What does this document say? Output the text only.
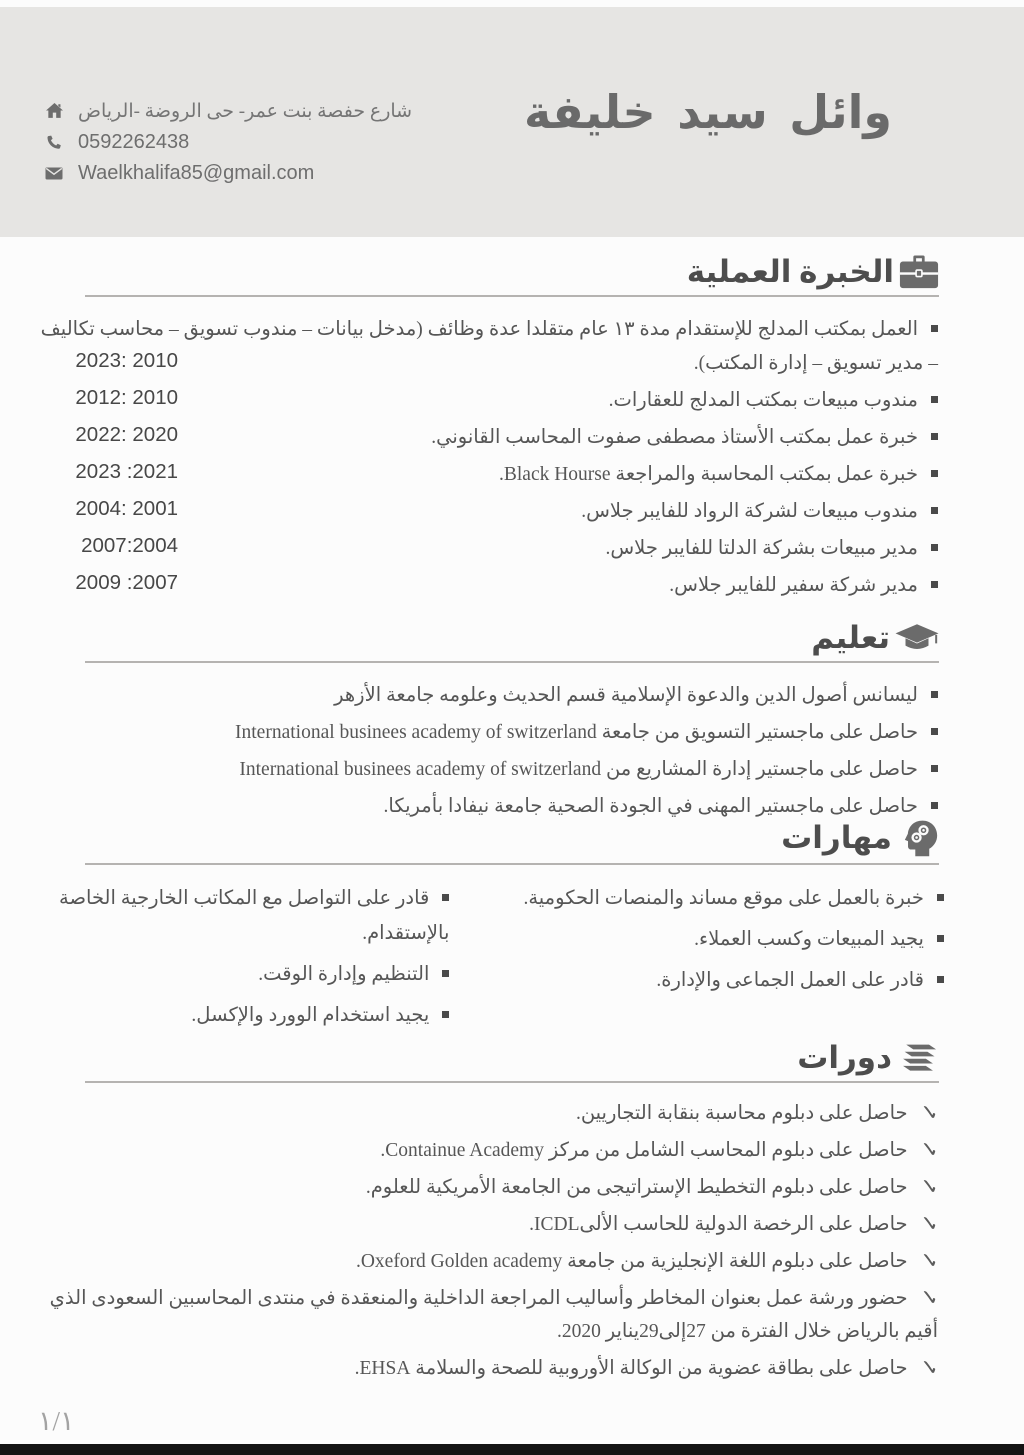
وائل سيد خليفة
شارع حفصة بنت عمر- حى الروضة -الرياض
0592262438
Waelkhalifa85@gmail.com
الخبرة العملية
العمل بمكتب المدلج للإستقدام مدة ١٣ عام متقلدا عدة وظائف (مدخل بيانات – مندوب تسويق – محاسب تكاليف – مدير تسويق – إدارة المكتب).
2023: 2010
مندوب مبيعات بمكتب المدلج للعقارات.
2012: 2010
خبرة عمل بمكتب الأستاذ مصطفى صفوت المحاسب القانوني.
2022: 2020
خبرة عمل بمكتب المحاسبة والمراجعة Black Hourse.
2023 :2021
مندوب مبيعات لشركة الرواد للفايبر جلاس.
2004: 2001
مدير مبيعات بشركة الدلتا للفايبر جلاس.
2007:2004
مدير شركة سفير للفايبر جلاس.
2009 :2007
تعليم
ليسانس أصول الدين والدعوة الإسلامية قسم الحديث وعلومه جامعة الأزهر
حاصل على ماجستير التسويق من جامعة International businees academy of switzerland
حاصل على ماجستير إدارة المشاريع من International businees academy of switzerland
حاصل على ماجستير المهنى في الجودة الصحية جامعة نيفادا بأمريكا.
مهارات
خبرة بالعمل على موقع مساند والمنصات الحكومية.
يجيد المبيعات وكسب العملاء.
قادر على العمل الجماعى والإدارة.
قادر على التواصل مع المكاتب الخارجية الخاصة بالإستقدام.
التنظيم وإدارة الوقت.
يجيد استخدام الوورد والإكسل.
دورات
✓حاصل على دبلوم محاسبة بنقابة التجاريين.
✓حاصل على دبلوم المحاسب الشامل من مركز Containue Academy.
✓حاصل على دبلوم التخطيط الإستراتيجى من الجامعة الأمريكية للعلوم.
✓حاصل على الرخصة الدولية للحاسب الألىICDL.
✓حاصل على دبلوم اللغة الإنجليزية من جامعة Oxeford Golden academy.
✓حضور ورشة عمل بعنوان المخاطر وأساليب المراجعة الداخلية والمنعقدة في منتدى المحاسبين السعودى الذي أقيم بالرياض خلال الفترة من 27إلى29يناير 2020.
✓حاصل على بطاقة عضوية من الوكالة الأوروبية للصحة والسلامة EHSA.
١/١
